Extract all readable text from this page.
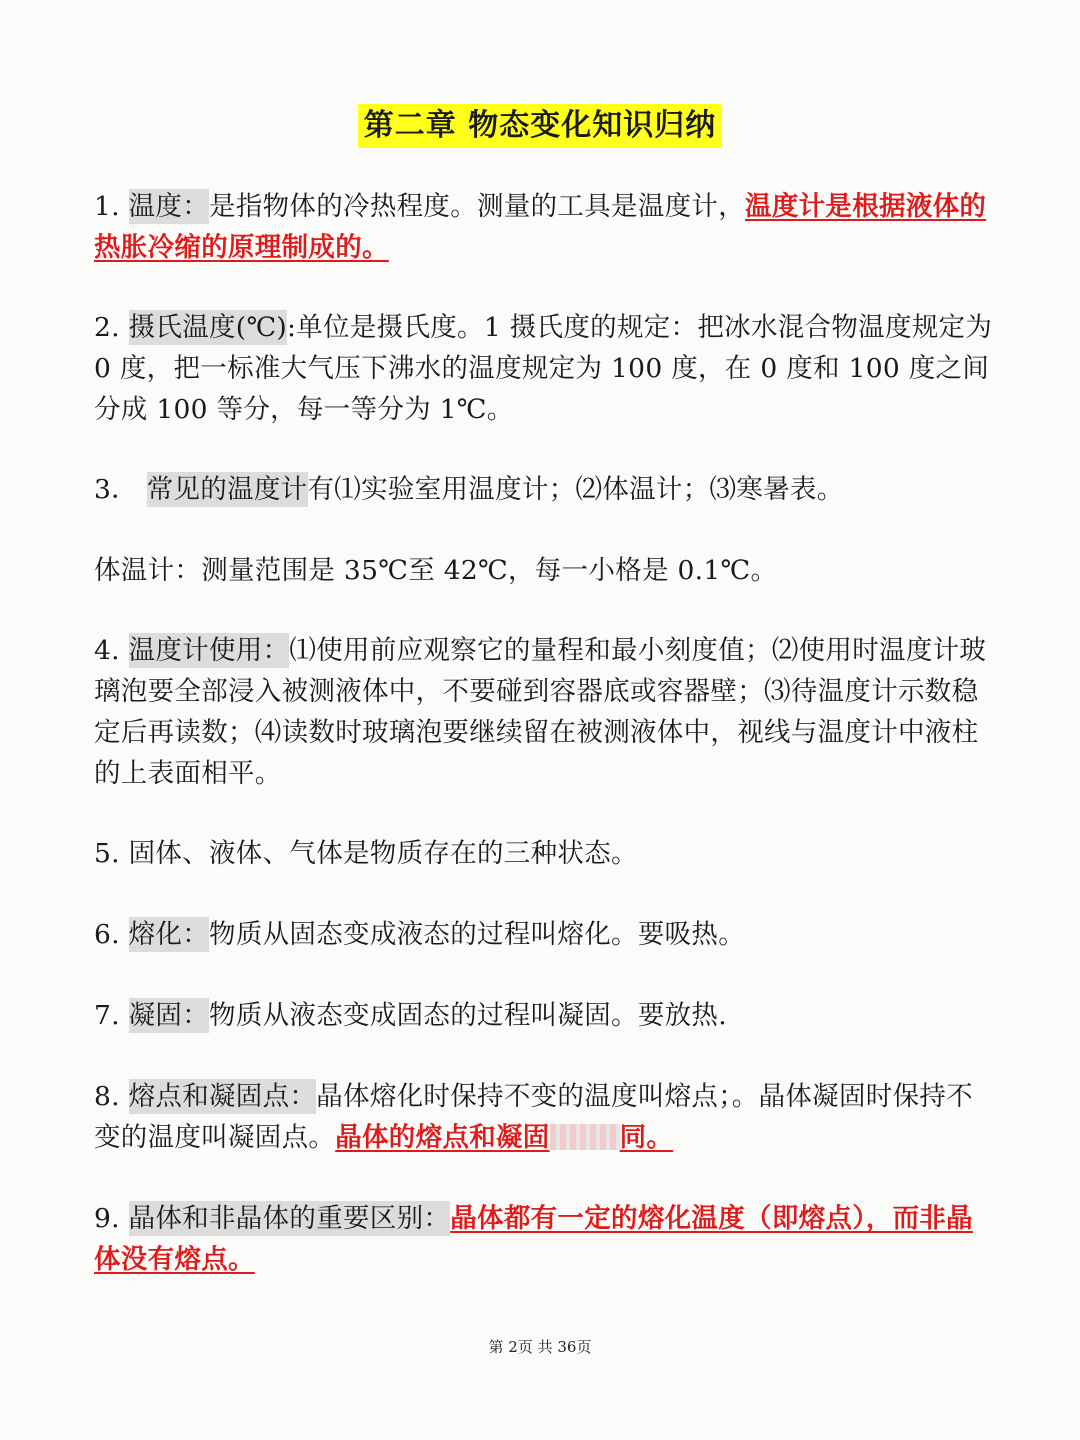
第二章 物态变化知识归纳
1. 温度：是指物体的冷热程度。测量的工具是温度计，温度计是根据液体的热胀冷缩的原理制成的。
2. 摄氏温度(℃):单位是摄氏度。1 摄氏度的规定：把冰水混合物温度规定为 0 度，把一标准大气压下沸水的温度规定为 100 度，在 0 度和 100 度之间分成 100 等分，每一等分为 1℃。
3． 常见的温度计有⑴实验室用温度计；⑵体温计；⑶寒暑表。
体温计：测量范围是 35℃至 42℃，每一小格是 0.1℃。
4. 温度计使用：⑴使用前应观察它的量程和最小刻度值；⑵使用时温度计玻璃泡要全部浸入被测液体中，不要碰到容器底或容器壁；⑶待温度计示数稳定后再读数；⑷读数时玻璃泡要继续留在被测液体中，视线与温度计中液柱的上表面相平。
5. 固体、液体、气体是物质存在的三种状态。
6. 熔化：物质从固态变成液态的过程叫熔化。要吸热。
7. 凝固：物质从液态变成固态的过程叫凝固。要放热.
8. 熔点和凝固点：晶体熔化时保持不变的温度叫熔点；。晶体凝固时保持不变的温度叫凝固点。晶体的熔点和凝固	同。
9. 晶体和非晶体的重要区别：晶体都有一定的熔化温度（即熔点），而非晶体没有熔点。
第 2页 共 36页
